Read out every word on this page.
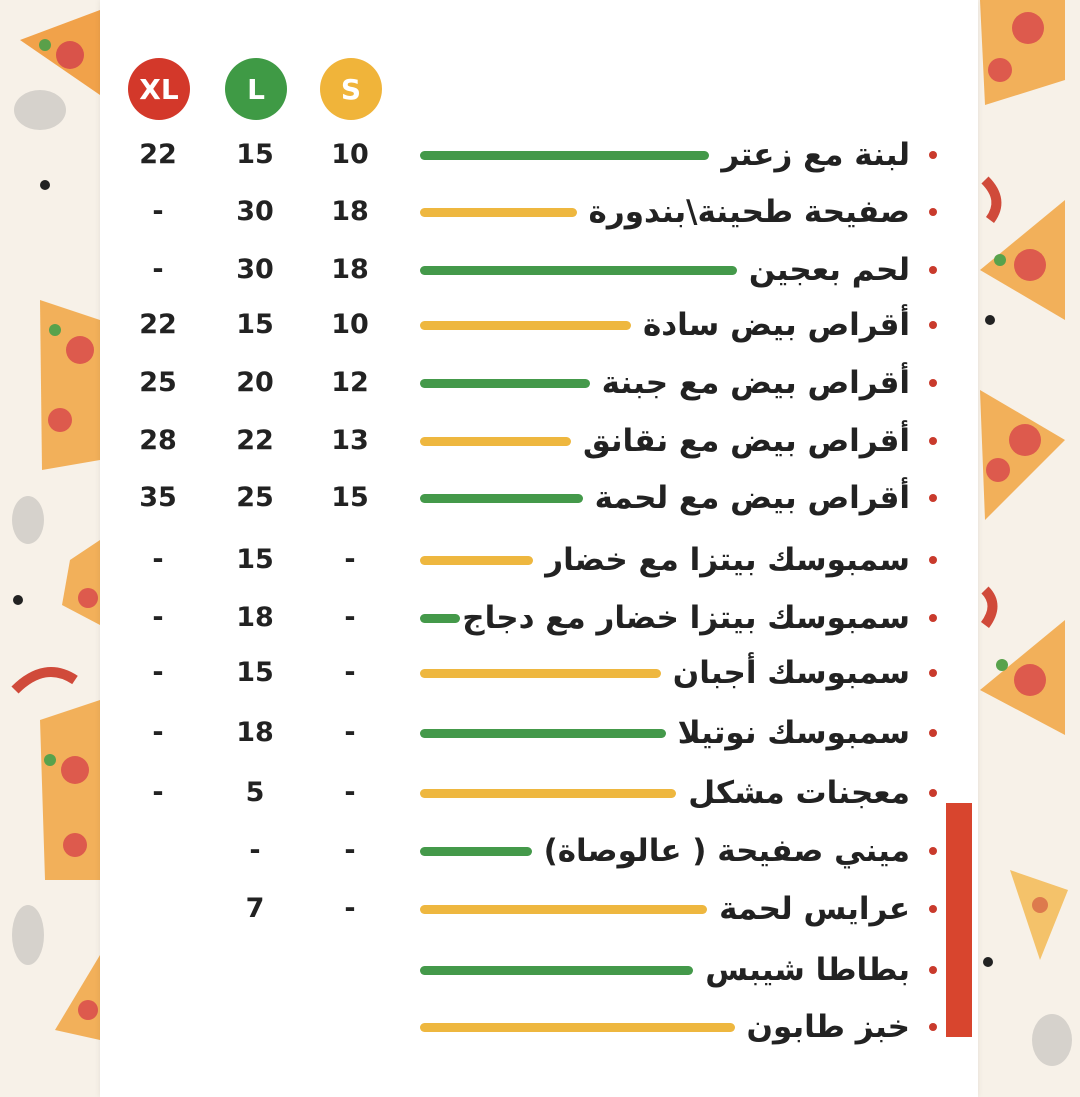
XL L	S
لبنة مع زعتر
10
15
22
صفيحة طحينة\بندورة
18
30
-
لحم بعجين
18
30
-
أقراص بيض سادة
10
15
22
أقراص بيض مع جبنة
12
20
25
أقراص بيض مع نقانق
13
22
28
أقراص بيض مع لحمة
15
25
35
سمبوسك بيتزا مع خضار
-
15
-
سمبوسك بيتزا خضار مع دجاج
-
18
-
سمبوسك أجبان
-
15
-
سمبوسك نوتيلا
-
18
-
معجنات مشكل
-
5
-
ميني صفيحة ( عالوصاة)
-
-
عرايس لحمة
-
7
بطاطا شيبس
خبز طابون
